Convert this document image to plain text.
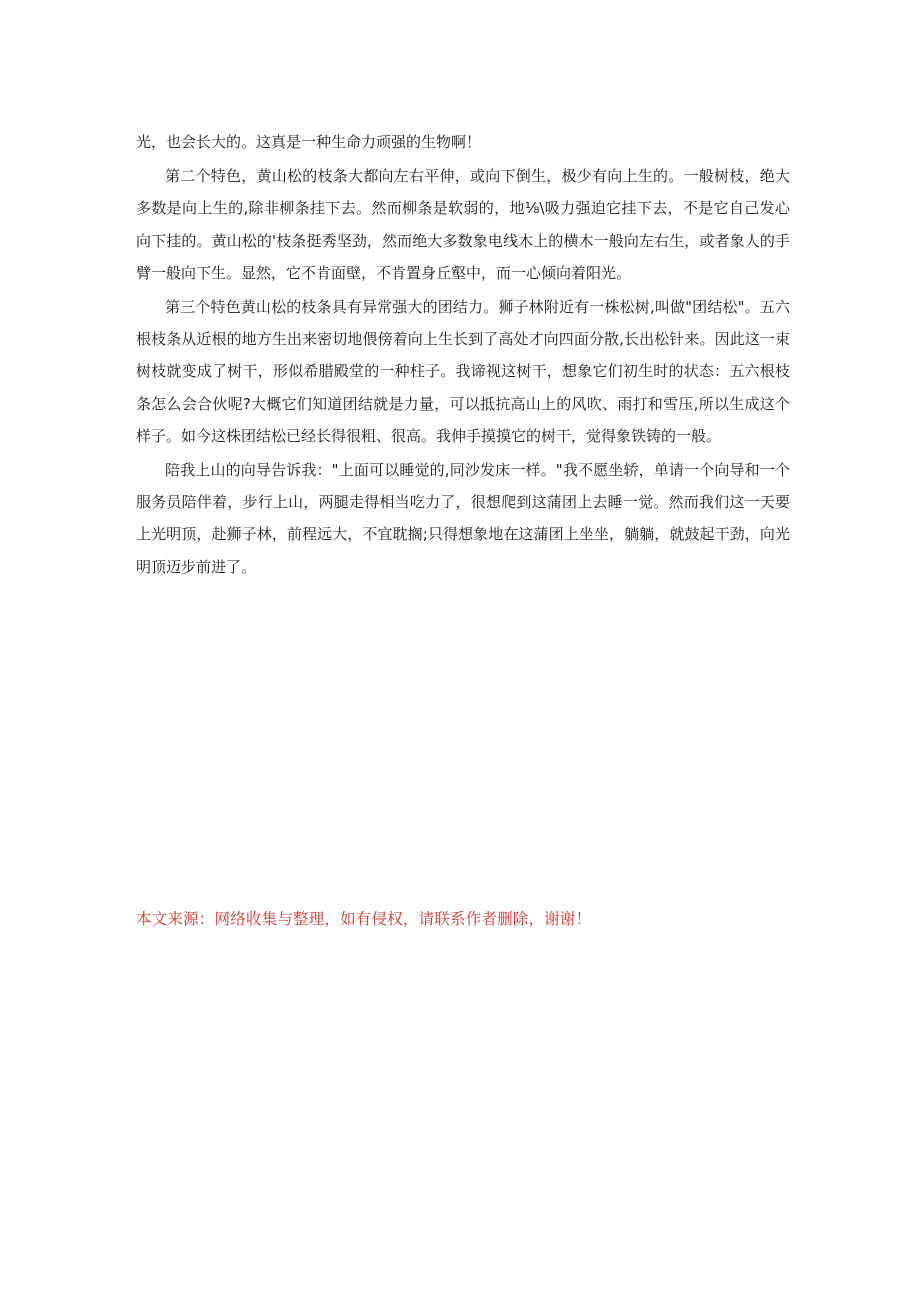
光，也会长大的。这真是一种生命力顽强的生物啊！

第二个特色，黄山松的枝条大都向左右平伸，或向下倒生，极少有向上生的。一般树枝，绝大多数是向上生的,除非柳条挂下去。然而柳条是软弱的，地⅛\吸力强迫它挂下去，不是它自己发心向下挂的。黄山松的'枝条挺秀坚劲，然而绝大多数象电线木上的横木一般向左右生，或者象人的手臂一般向下生。显然，它不肯面壁，不肯置身丘壑中，而一心倾向着阳光。

第三个特色黄山松的枝条具有异常强大的团结力。狮子林附近有一株松树,叫做"团结松"。五六根枝条从近根的地方生出来密切地偎傍着向上生长到了高处才向四面分散,长出松针来。因此这一束树枝就变成了树干，形似希腊殿堂的一种柱子。我谛视这树干，想象它们初生时的状态：五六根枝条怎么会合伙呢?大概它们知道团结就是力量，可以抵抗高山上的风吹、雨打和雪压,所以生成这个样子。如今这株团结松已经长得很粗、很高。我伸手摸摸它的树干，觉得象铁铸的一般。

陪我上山的向导告诉我："上面可以睡觉的,同沙发床一样。"我不愿坐轿，单请一个向导和一个服务员陪伴着，步行上山，两腿走得相当吃力了，很想爬到这蒲团上去睡一觉。然而我们这一天要上光明顶，赴狮子林，前程远大，不宜耽搁;只得想象地在这蒲团上坐坐，躺躺，就鼓起干劲，向光明顶迈步前进了。

本文来源：网络收集与整理，如有侵权，请联系作者删除，谢谢！
